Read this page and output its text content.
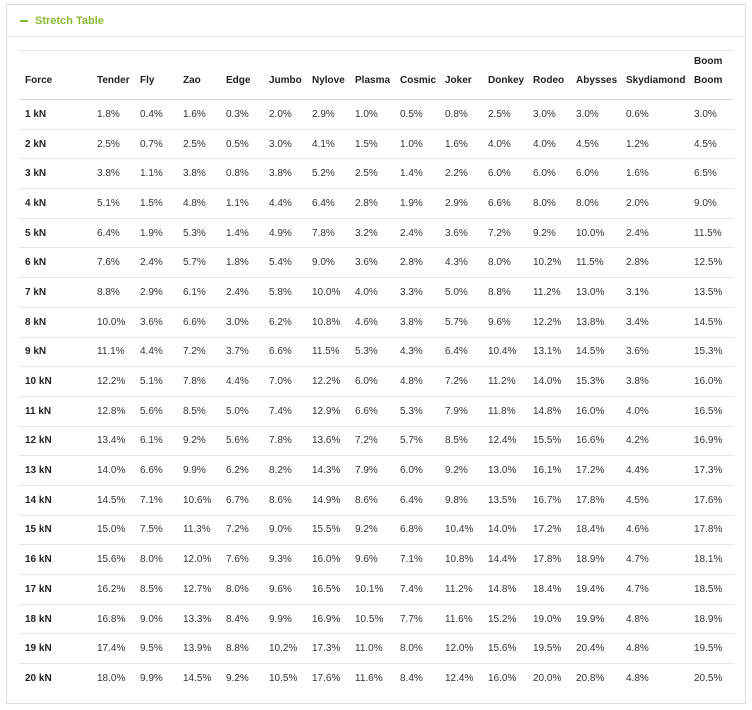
Stretch Table
Force	Tender	Fly	Zao	Edge	Jumbo	Nylove	Plasma	Cosmic	Joker	Donkey	Rodeo	Abysses	Skydiamond	Boom Boom
1 kN	1.8%	0.4%	1.6%	0.3%	2.0%	2.9%	1.0%	0.5%	0.8%	2.5%	3.0%	3.0%	0.6%	3.0%
2 kN	2.5%	0.7%	2.5%	0.5%	3.0%	4.1%	1.5%	1.0%	1.6%	4.0%	4.0%	4.5%	1.2%	4.5%
3 kN	3.8%	1.1%	3.8%	0.8%	3.8%	5.2%	2.5%	1.4%	2.2%	6.0%	6.0%	6.0%	1.6%	6.5%
4 kN	5.1%	1.5%	4.8%	1.1%	4.4%	6.4%	2.8%	1.9%	2.9%	6.6%	8.0%	8.0%	2.0%	9.0%
5 kN	6.4%	1.9%	5.3%	1.4%	4.9%	7.8%	3.2%	2.4%	3.6%	7.2%	9.2%	10.0%	2.4%	11.5%
6 kN	7.6%	2.4%	5.7%	1.8%	5.4%	9.0%	3.6%	2.8%	4.3%	8.0%	10.2%	11.5%	2.8%	12.5%
7 kN	8.8%	2.9%	6.1%	2.4%	5.8%	10.0%	4.0%	3.3%	5.0%	8.8%	11.2%	13.0%	3.1%	13.5%
8 kN	10.0%	3.6%	6.6%	3.0%	6.2%	10.8%	4.6%	3.8%	5.7%	9.6%	12.2%	13.8%	3.4%	14.5%
9 kN	11.1%	4.4%	7.2%	3.7%	6.6%	11.5%	5.3%	4.3%	6.4%	10.4%	13.1%	14.5%	3.6%	15.3%
10 kN	12.2%	5.1%	7.8%	4.4%	7.0%	12.2%	6.0%	4.8%	7.2%	11.2%	14.0%	15.3%	3.8%	16.0%
11 kN	12.8%	5.6%	8.5%	5.0%	7.4%	12.9%	6.6%	5.3%	7.9%	11.8%	14.8%	16.0%	4.0%	16.5%
12 kN	13.4%	6.1%	9.2%	5.6%	7.8%	13.6%	7.2%	5.7%	8.5%	12.4%	15.5%	16.6%	4.2%	16.9%
13 kN	14.0%	6.6%	9.9%	6.2%	8.2%	14.3%	7.9%	6.0%	9.2%	13.0%	16.1%	17.2%	4.4%	17.3%
14 kN	14.5%	7.1%	10.6%	6.7%	8.6%	14.9%	8.6%	6.4%	9.8%	13.5%	16.7%	17.8%	4.5%	17.6%
15 kN	15.0%	7.5%	11.3%	7.2%	9.0%	15.5%	9.2%	6.8%	10.4%	14.0%	17.2%	18.4%	4.6%	17.8%
16 kN	15.6%	8.0%	12.0%	7.6%	9.3%	16.0%	9.6%	7.1%	10.8%	14.4%	17.8%	18.9%	4.7%	18.1%
17 kN	16.2%	8.5%	12.7%	8.0%	9.6%	16.5%	10.1%	7.4%	11.2%	14.8%	18.4%	19.4%	4.7%	18.5%
18 kN	16.8%	9.0%	13.3%	8.4%	9.9%	16.9%	10.5%	7.7%	11.6%	15.2%	19.0%	19.9%	4.8%	18.9%
19 kN	17.4%	9.5%	13.9%	8.8%	10.2%	17.3%	11.0%	8.0%	12.0%	15.6%	19.5%	20.4%	4.8%	19.5%
20 kN	18.0%	9.9%	14.5%	9.2%	10.5%	17.6%	11.6%	8.4%	12.4%	16.0%	20.0%	20.8%	4.8%	20.5%
